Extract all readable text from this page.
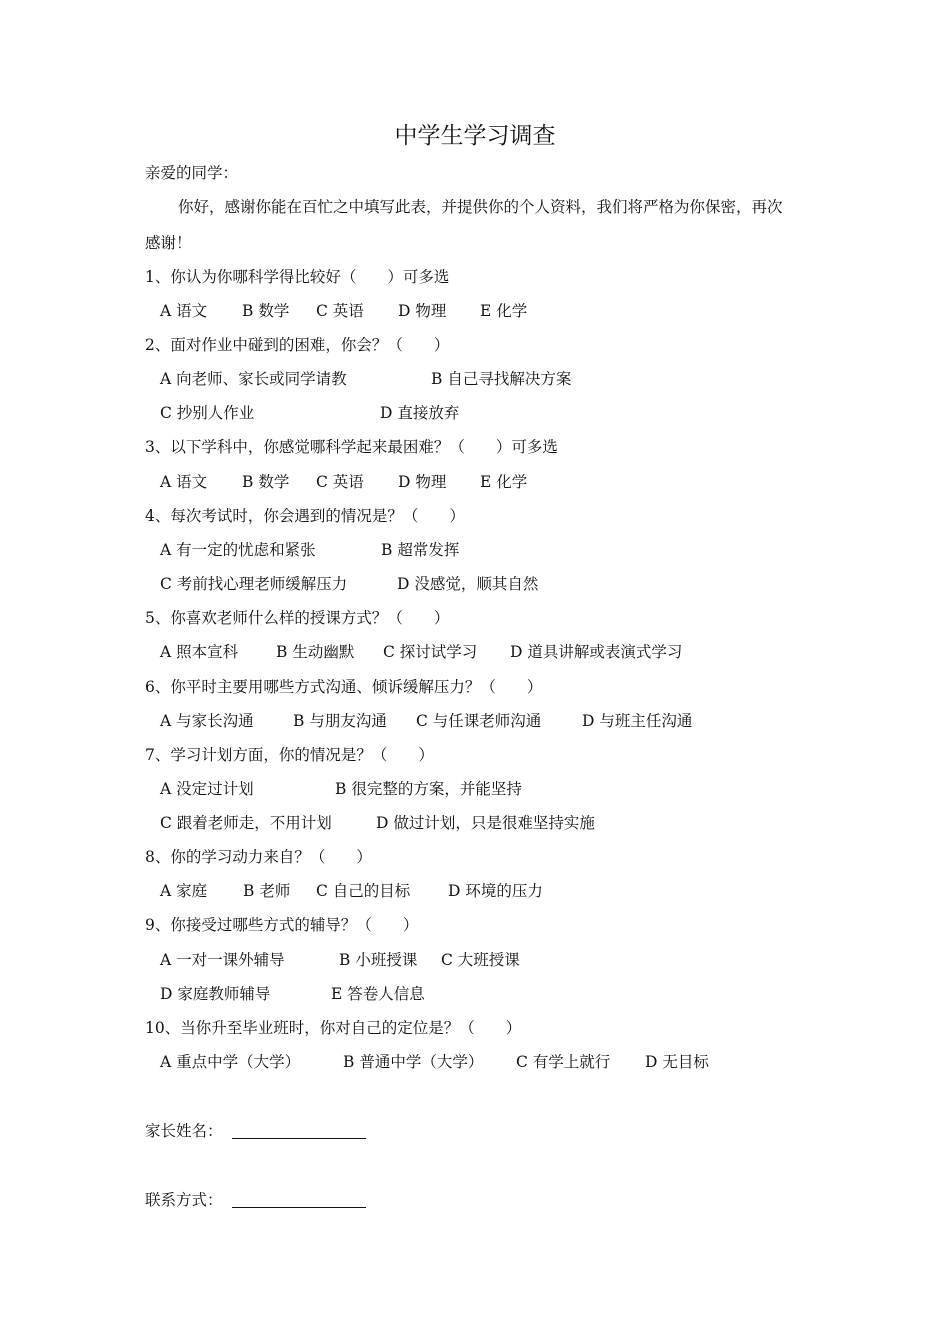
中学生学习调查
亲爱的同学：
你好，感谢你能在百忙之中填写此表，并提供你的个人资料，我们将严格为你保密，再次
感谢！
1、你认为你哪科学得比较好（　　）可多选
A 语文 B 数学 C 英语 D 物理 E 化学
2、面对作业中碰到的困难，你会？（　　）
A 向老师、家长或同学请教	B 自己寻找解决方案
C 抄别人作业	D 直接放弃
3、以下学科中，你感觉哪科学起来最困难？（　　）可多选
A 语文 B 数学 C 英语 D 物理 E 化学
4、每次考试时，你会遇到的情况是？（　　）
A 有一定的忧虑和紧张	B 超常发挥
C 考前找心理老师缓解压力	D 没感觉，顺其自然
5、你喜欢老师什么样的授课方式？（　　）
A 照本宣科 B 生动幽默 C 探讨试学习 D 道具讲解或表演式学习
6、你平时主要用哪些方式沟通、倾诉缓解压力？（　　）
A 与家长沟通	B 与朋友沟通 C 与任课老师沟通	D 与班主任沟通
7、学习计划方面，你的情况是？（　　）
A 没定过计划	B 很完整的方案，并能坚持
C 跟着老师走，不用计划	D 做过计划，只是很难坚持实施
8、你的学习动力来自？（　　）
A 家庭 B 老师 C 自己的目标 D 环境的压力
9、你接受过哪些方式的辅导？（　　）
A 一对一课外辅导	B 小班授课 C 大班授课
D 家庭教师辅导	E 答卷人信息
10、当你升至毕业班时，你对自己的定位是？（　　）
A 重点中学（大学）	B 普通中学（大学） C 有学上就行 D 无目标
家长姓名：
联系方式：
